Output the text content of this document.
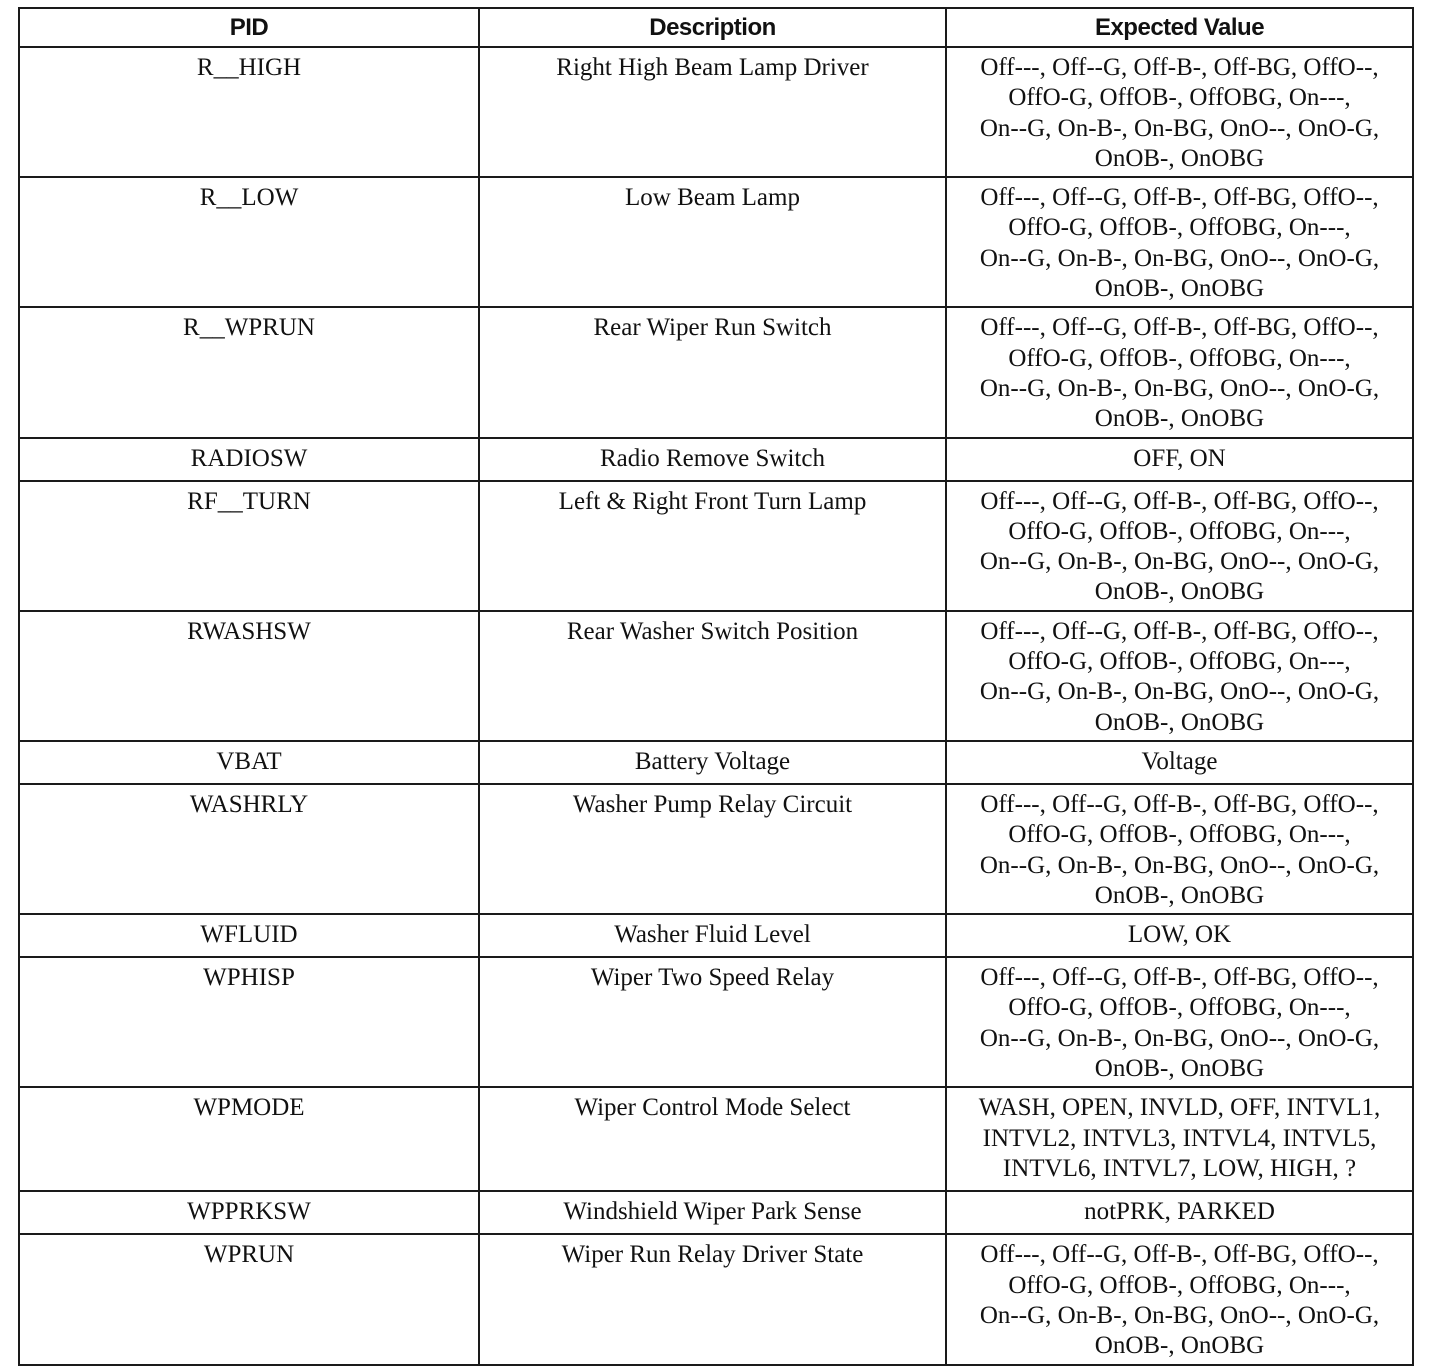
PID	Description	Expected Value
R__HIGH	Right High Beam Lamp Driver	Off---, Off--G, Off-B-, Off-BG, OffO--,
OffO-G, OffOB-, OffOBG, On---,
On--G, On-B-, On-BG, OnO--, OnO-G,
OnOB-, OnOBG

R__LOW	Low Beam Lamp	Off---, Off--G, Off-B-, Off-BG, OffO--,
OffO-G, OffOB-, OffOBG, On---,
On--G, On-B-, On-BG, OnO--, OnO-G,
OnOB-, OnOBG

R__WPRUN	Rear Wiper Run Switch	Off---, Off--G, Off-B-, Off-BG, OffO--,
OffO-G, OffOB-, OffOBG, On---,
On--G, On-B-, On-BG, OnO--, OnO-G,
OnOB-, OnOBG

RADIOSW	Radio Remove Switch	OFF, ON

RF__TURN	Left & Right Front Turn Lamp	Off---, Off--G, Off-B-, Off-BG, OffO--,
OffO-G, OffOB-, OffOBG, On---,
On--G, On-B-, On-BG, OnO--, OnO-G,
OnOB-, OnOBG

RWASHSW	Rear Washer Switch Position	Off---, Off--G, Off-B-, Off-BG, OffO--,
OffO-G, OffOB-, OffOBG, On---,
On--G, On-B-, On-BG, OnO--, OnO-G,
OnOB-, OnOBG

VBAT	Battery Voltage	Voltage

WASHRLY	Washer Pump Relay Circuit	Off---, Off--G, Off-B-, Off-BG, OffO--,
OffO-G, OffOB-, OffOBG, On---,
On--G, On-B-, On-BG, OnO--, OnO-G,
OnOB-, OnOBG

WFLUID	Washer Fluid Level	LOW, OK

WPHISP	Wiper Two Speed Relay	Off---, Off--G, Off-B-, Off-BG, OffO--,
OffO-G, OffOB-, OffOBG, On---,
On--G, On-B-, On-BG, OnO--, OnO-G,
OnOB-, OnOBG

WPMODE	Wiper Control Mode Select	WASH, OPEN, INVLD, OFF, INTVL1,
INTVL2, INTVL3, INTVL4, INTVL5,
INTVL6, INTVL7, LOW, HIGH, ?

WPPRKSW	Windshield Wiper Park Sense	notPRK, PARKED

WPRUN	Wiper Run Relay Driver State	Off---, Off--G, Off-B-, Off-BG, OffO--,
OffO-G, OffOB-, OffOBG, On---,
On--G, On-B-, On-BG, OnO--, OnO-G,
OnOB-, OnOBG
